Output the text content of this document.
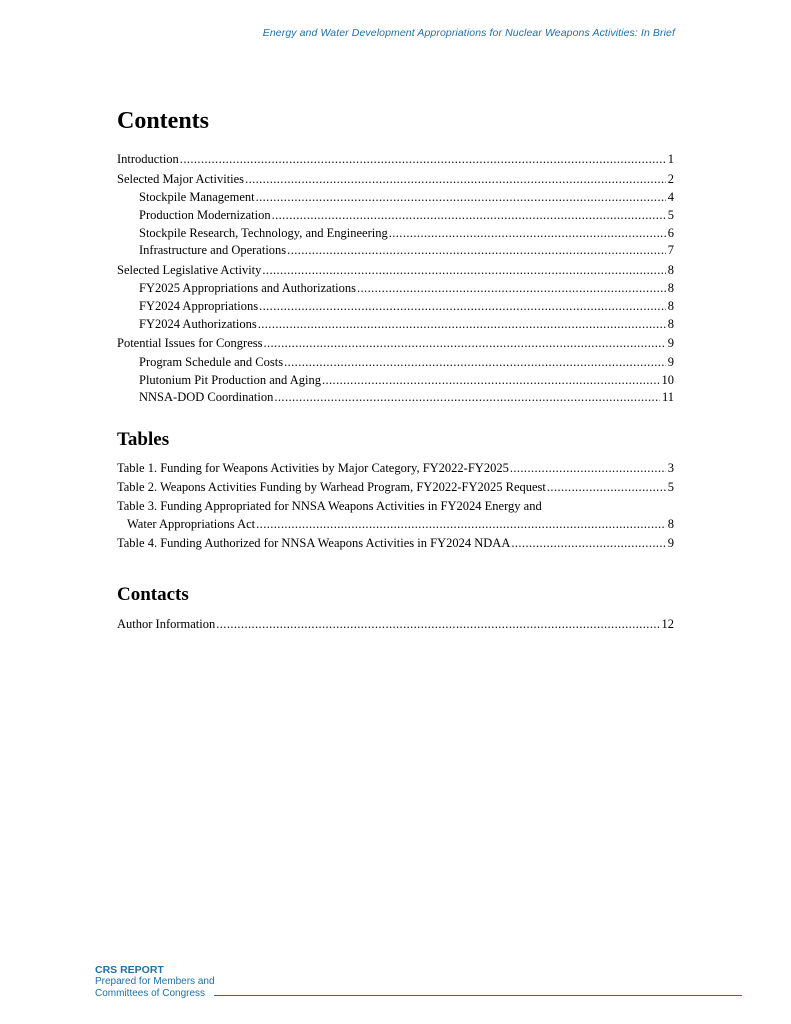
Energy and Water Development Appropriations for Nuclear Weapons Activities: In Brief
Contents
Introduction .....	1
Selected Major Activities .....	2
Stockpile Management .....	4
Production Modernization .....	5
Stockpile Research, Technology, and Engineering .....	6
Infrastructure and Operations .....	7
Selected Legislative Activity .....	8
FY2025 Appropriations and Authorizations .....	8
FY2024 Appropriations .....	8
FY2024 Authorizations .....	8
Potential Issues for Congress .....	9
Program Schedule and Costs .....	9
Plutonium Pit Production and Aging .....	10
NNSA-DOD Coordination .....	11
Tables
Table 1. Funding for Weapons Activities by Major Category, FY2022-FY2025 .....	3
Table 2. Weapons Activities Funding by Warhead Program, FY2022-FY2025 Request .....	5
Table 3. Funding Appropriated for NNSA Weapons Activities in FY2024 Energy and
Water Appropriations Act .....	8
Table 4. Funding Authorized for NNSA Weapons Activities in FY2024 NDAA .....	9
Contacts
Author Information .....	12
CRS REPORT
Prepared for Members and
Committees of Congress
